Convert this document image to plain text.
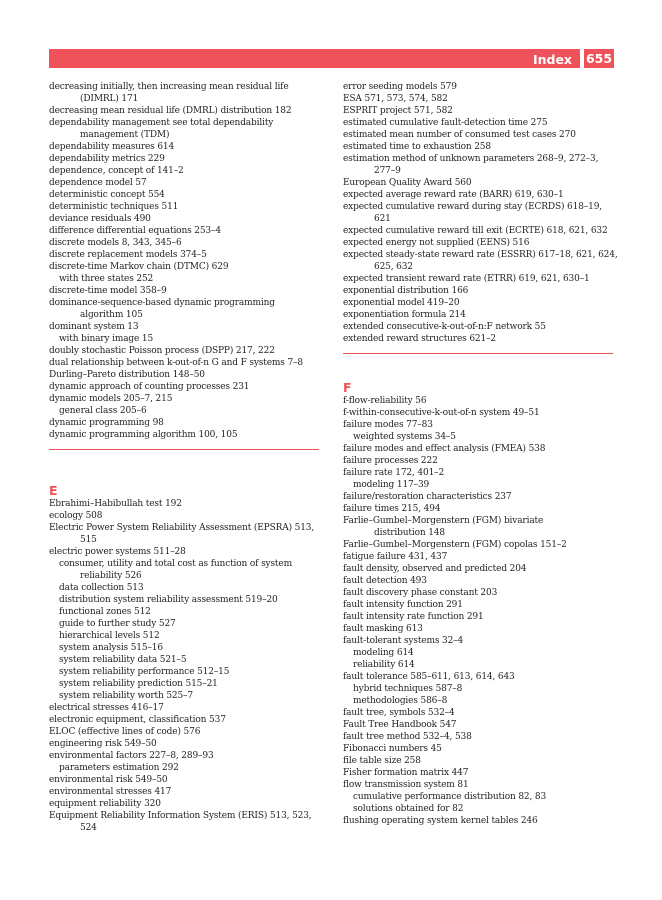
Index 655
decreasing initially, then increasing mean residual life
(DIMRL) 171
decreasing mean residual life (DMRL) distribution 182
dependability management see total dependability
management (TDM)
dependability measures 614
dependability metrics 229
dependence, concept of 141–2
dependence model 57
deterministic concept 554
deterministic techniques 511
deviance residuals 490
difference differential equations 253–4
discrete models 8, 343, 345–6
discrete replacement models 374–5
discrete-time Markov chain (DTMC) 629
with three states 252
discrete-time model 358–9
dominance-sequence-based dynamic programming
algorithm 105
dominant system 13
with binary image 15
doubly stochastic Poisson process (DSPP) 217, 222
dual relationship between k-out-of-n G and F systems 7–8
Durling–Pareto distribution 148–50
dynamic approach of counting processes 231
dynamic models 205–7, 215
general class 205–6
dynamic programming 98
dynamic programming algorithm 100, 105
E
Ebrahimi–Habibullah test 192
ecology 508
Electric Power System Reliability Assessment (EPSRA) 513,
515
electric power systems 511–28
consumer, utility and total cost as function of system
reliability 526
data collection 513
distribution system reliability assessment 519–20
functional zones 512
guide to further study 527
hierarchical levels 512
system analysis 515–16
system reliability data 521–5
system reliability performance 512–15
system reliability prediction 515–21
system reliability worth 525–7
electrical stresses 416–17
electronic equipment, classification 537
ELOC (effective lines of code) 576
engineering risk 549–50
environmental factors 227–8, 289–93
parameters estimation 292
environmental risk 549–50
environmental stresses 417
equipment reliability 320
Equipment Reliability Information System (ERIS) 513, 523,
524
error seeding models 579
ESA 571, 573, 574, 582
ESPRIT project 571, 582
estimated cumulative fault-detection time 275
estimated mean number of consumed test cases 270
estimated time to exhaustion 258
estimation method of unknown parameters 268–9, 272–3,
277–9
European Quality Award 560
expected average reward rate (BARR) 619, 630–1
expected cumulative reward during stay (ECRDS) 618–19,
621
expected cumulative reward till exit (ECRTE) 618, 621, 632
expected energy not supplied (EENS) 516
expected steady-state reward rate (ESSRR) 617–18, 621, 624,
625, 632
expected transient reward rate (ETRR) 619, 621, 630–1
exponential distribution 166
exponential model 419–20
exponentiation formula 214
extended consecutive-k-out-of-n:F network 55
extended reward structures 621–2
F
f-flow-reliability 56
f-within-consecutive-k-out-of-n system 49–51
failure modes 77–83
weighted systems 34–5
failure modes and effect analysis (FMEA) 538
failure processes 222
failure rate 172, 401–2
modeling 117–39
failure/restoration characteristics 237
failure times 215, 494
Farlie–Gumbel–Morgenstern (FGM) bivariate
distribution 148
Farlie–Gumbel–Morgenstern (FGM) copolas 151–2
fatigue failure 431, 437
fault density, observed and predicted 204
fault detection 493
fault discovery phase constant 203
fault intensity function 291
fault intensity rate function 291
fault masking 613
fault-tolerant systems 32–4
modeling 614
reliability 614
fault tolerance 585–611, 613, 614, 643
hybrid techniques 587–8
methodologies 586–8
fault tree, symbols 532–4
Fault Tree Handbook 547
fault tree method 532–4, 538
Fibonacci numbers 45
file table size 258
Fisher formation matrix 447
flow transmission system 81
cumulative performance distribution 82, 83
solutions obtained for 82
flushing operating system kernel tables 246
